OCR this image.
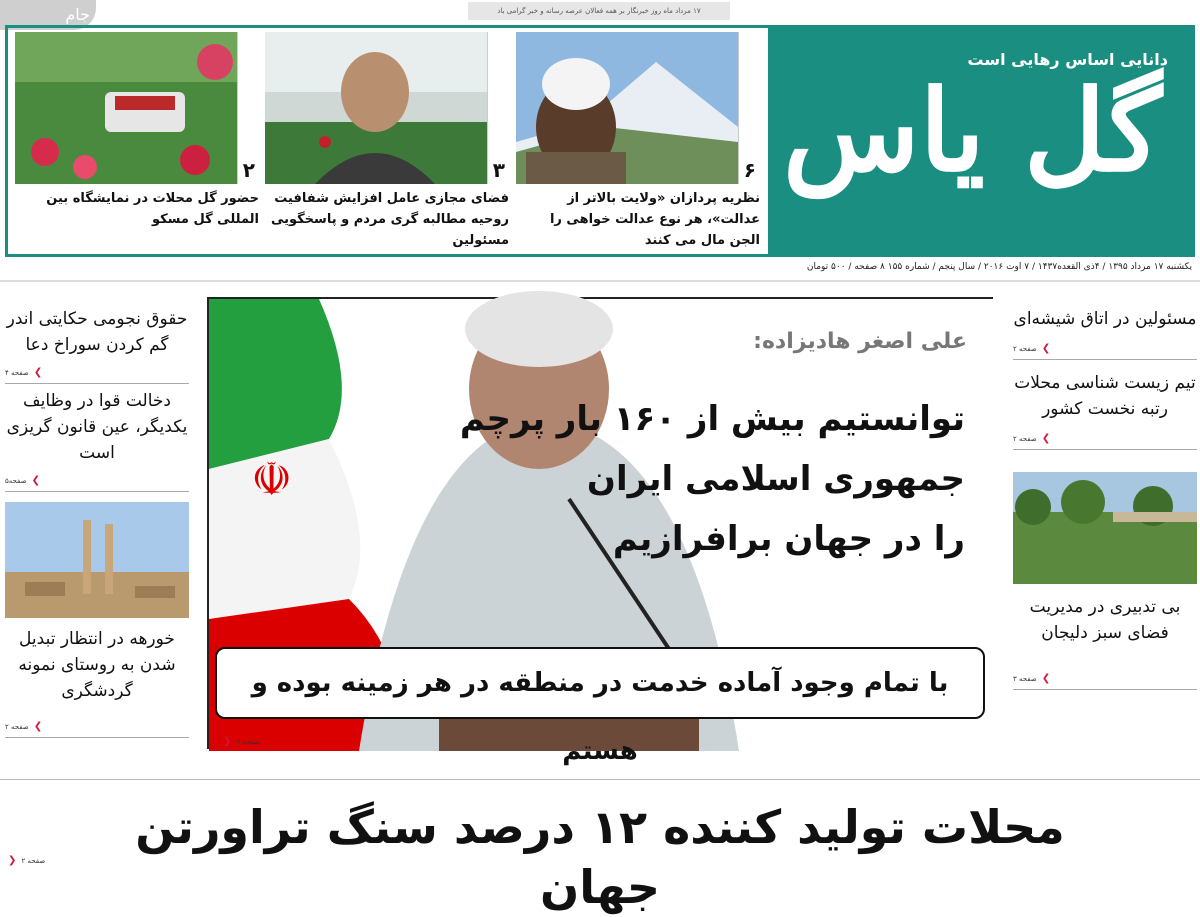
جام	۱۷ مرداد ماه روز خبرنگار بر همه فعالان عرصه رسانه و خبر گرامی باد
دانایی اساس رهایی است
گل یاس
۶
نظریه پردازان «ولایت بالاتر از عدالت»، هر نوع عدالت خواهی را الجن مال می کنند
۳
فضای مجازی عامل افزایش شفافیت روحیه مطالبه گری مردم و پاسخگویی مسئولین
۲
حضور گل محلات در نمایشگاه بین المللی گل مسکو
یکشنبه ۱۷ مرداد ۱۳۹۵ / ۴ذی القعده۱۴۳۷ / ۷ اوت ۲۰۱۶ / سال پنجم / شماره ۱۵۵ ۸ صفحه / ۵۰۰ تومان
مسئولین در اتاق شیشه‌ای
❯ صفحه ۲
تیم زیست شناسی محلات رتبه نخست کشور
❯ صفحه ۲
بی تدبیری در مدیریت فضای سبز دلیجان
❯ صفحه ۳
حقوق نجومی حکایتی اندر گم کردن سوراخ دعا
❯ صفحه ۴
دخالت قوا در وظایف یکدیگر، عین قانون گریزی است
❯ صفحه۵
خورهه در انتظار تبدیل شدن به روستای نمونه گردشگری
❯ صفحه ۲
☫
علی اصغر هادیزاده:
توانستیم بیش از ۱۶۰ بار پرچم
جمهوری اسلامی ایران
را در جهان برافرازیم
با تمام وجود آماده خدمت در منطقه در هر زمینه بوده و هستم
❯ صفحه ۷
محلات تولید کننده ۱۲ درصد سنگ تراورتن جهان
❯ صفحه ۲
